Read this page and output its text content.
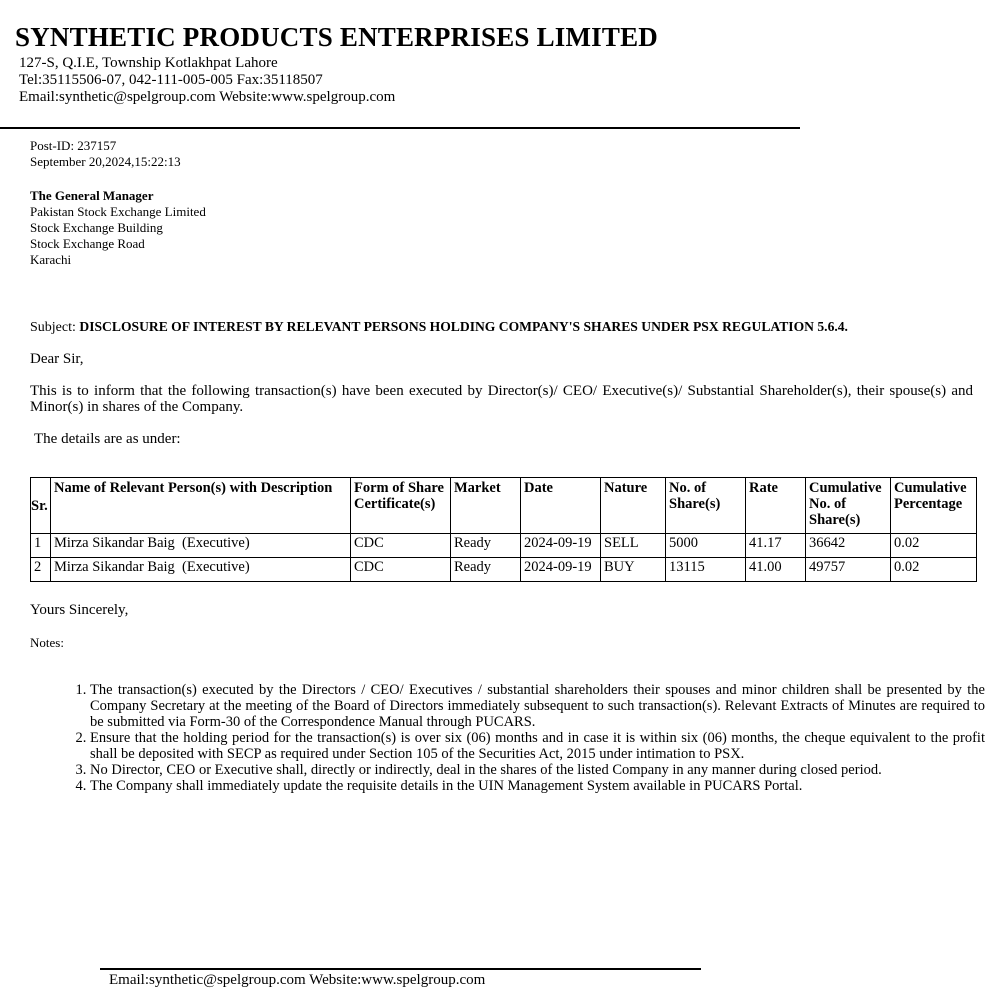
SYNTHETIC PRODUCTS ENTERPRISES LIMITED
127-S, Q.I.E, Township Kotlakhpat Lahore
Tel:35115506-07, 042-111-005-005 Fax:35118507
Email:synthetic@spelgroup.com Website:www.spelgroup.com
Post-ID: 237157
September 20,2024,15:22:13
The General Manager
Pakistan Stock Exchange Limited
Stock Exchange Building
Stock Exchange Road
Karachi
Subject: DISCLOSURE OF INTEREST BY RELEVANT PERSONS HOLDING COMPANY'S SHARES UNDER PSX REGULATION 5.6.4.
Dear Sir,
This is to inform that the following transaction(s) have been executed by Director(s)/ CEO/ Executive(s)/ Substantial Shareholder(s), their spouse(s) and Minor(s) in shares of the Company.
The details are as under:
Sr.	Name of Relevant Person(s) with Description	Form of Share Certificate(s)	Market	Date	Nature	No. of Share(s)	Rate	Cumulative No. of Share(s)	Cumulative Percentage
1	Mirza Sikandar Baig  (Executive)	CDC	Ready	2024-09-19	SELL	5000	41.17	36642	0.02
2	Mirza Sikandar Baig  (Executive)	CDC	Ready	2024-09-19	BUY	13115	41.00	49757	0.02
Yours Sincerely,
Notes:
1. The transaction(s) executed by the Directors / CEO/ Executives / substantial shareholders their spouses and minor children shall be presented by the Company Secretary at the meeting of the Board of Directors immediately subsequent to such transaction(s). Relevant Extracts of Minutes are required to be submitted via Form-30 of the Correspondence Manual through PUCARS.
2. Ensure that the holding period for the transaction(s) is over six (06) months and in case it is within six (06) months, the cheque equivalent to the profit shall be deposited with SECP as required under Section 105 of the Securities Act, 2015 under intimation to PSX.
3. No Director, CEO or Executive shall, directly or indirectly, deal in the shares of the listed Company in any manner during closed period.
4. The Company shall immediately update the requisite details in the UIN Management System available in PUCARS Portal.
Email:synthetic@spelgroup.com Website:www.spelgroup.com
